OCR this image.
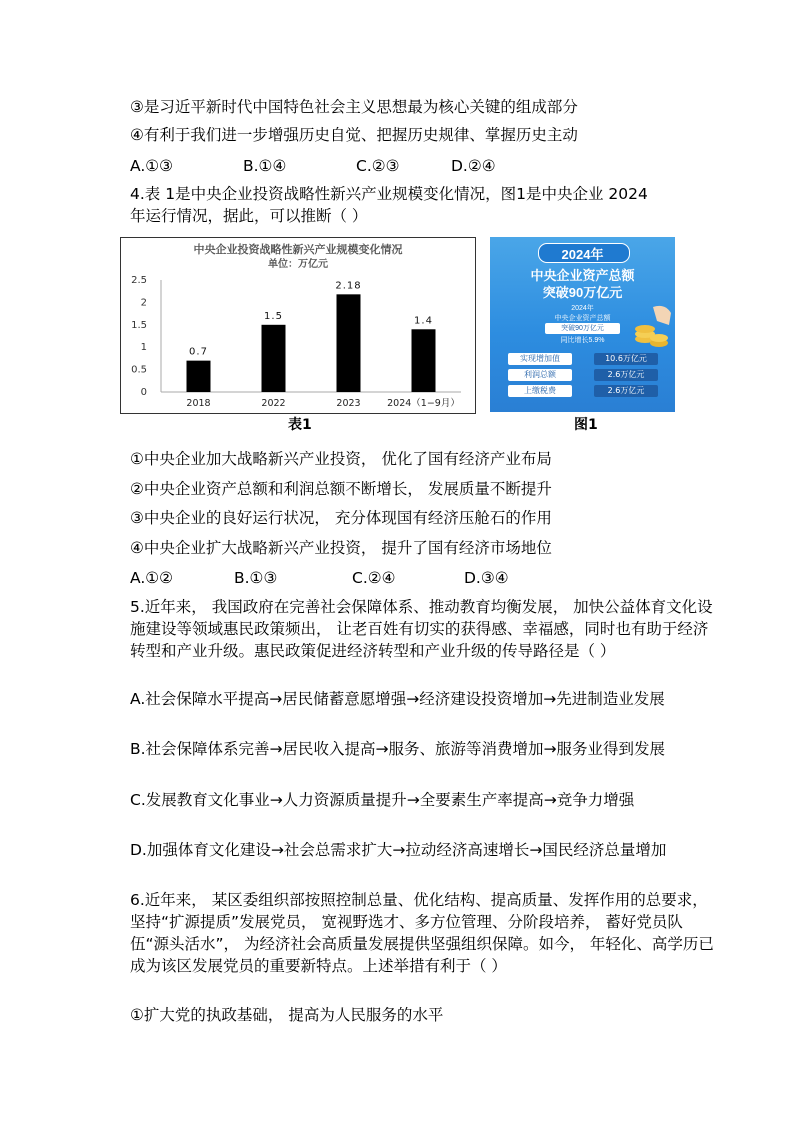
③是习近平新时代中国特色社会主义思想最为核心关键的组成部分
④有利于我们进一步增强历史自觉、把握历史规律、掌握历史主动
A.①③	B.①④	C.②③	D.②④
4.表 1是中央企业投资战略性新兴产业规模变化情况，图1是中央企业 2024
年运行情况，据此，可以推断（ ）
中央企业投资战略性新兴产业规模变化情况
单位：万亿元
0
0.5
1
1.5
2
2.5
0.7
1.5
2.18
1.4
2018	2022	2023	2024（1−9月）
2024年
中央企业资产总额
突破90万亿元
2024年
中央企业资产总额
突破90万亿元
同比增长5.9%
实现增加值	10.6万亿元
利润总额	2.6万亿元
上缴税费	2.6万亿元
表1	图1
①中央企业加大战略新兴产业投资， 优化了国有经济产业布局
②中央企业资产总额和利润总额不断增长， 发展质量不断提升
③中央企业的良好运行状况， 充分体现国有经济压舱石的作用
④中央企业扩大战略新兴产业投资， 提升了国有经济市场地位
A.①②	B.①③	C.②④	D.③④
5.近年来， 我国政府在完善社会保障体系、推动教育均衡发展， 加快公益体育文化设施建设等领域惠民政策频出， 让老百姓有切实的获得感、幸福感，同时也有助于经济转型和产业升级。惠民政策促进经济转型和产业升级的传导路径是（ ）
A.社会保障水平提高→居民储蓄意愿增强→经济建设投资增加→先进制造业发展
B.社会保障体系完善→居民收入提高→服务、旅游等消费增加→服务业得到发展
C.发展教育文化事业→人力资源质量提升→全要素生产率提高→竞争力增强
D.加强体育文化建设→社会总需求扩大→拉动经济高速增长→国民经济总量增加
6.近年来， 某区委组织部按照控制总量、优化结构、提高质量、发挥作用的总要求， 坚持“扩源提质”发展党员， 宽视野选才、多方位管理、分阶段培养， 蓄好党员队伍“源头活水”， 为经济社会高质量发展提供坚强组织保障。如今， 年轻化、高学历已成为该区发展党员的重要新特点。上述举措有利于（ ）
①扩大党的执政基础， 提高为人民服务的水平
